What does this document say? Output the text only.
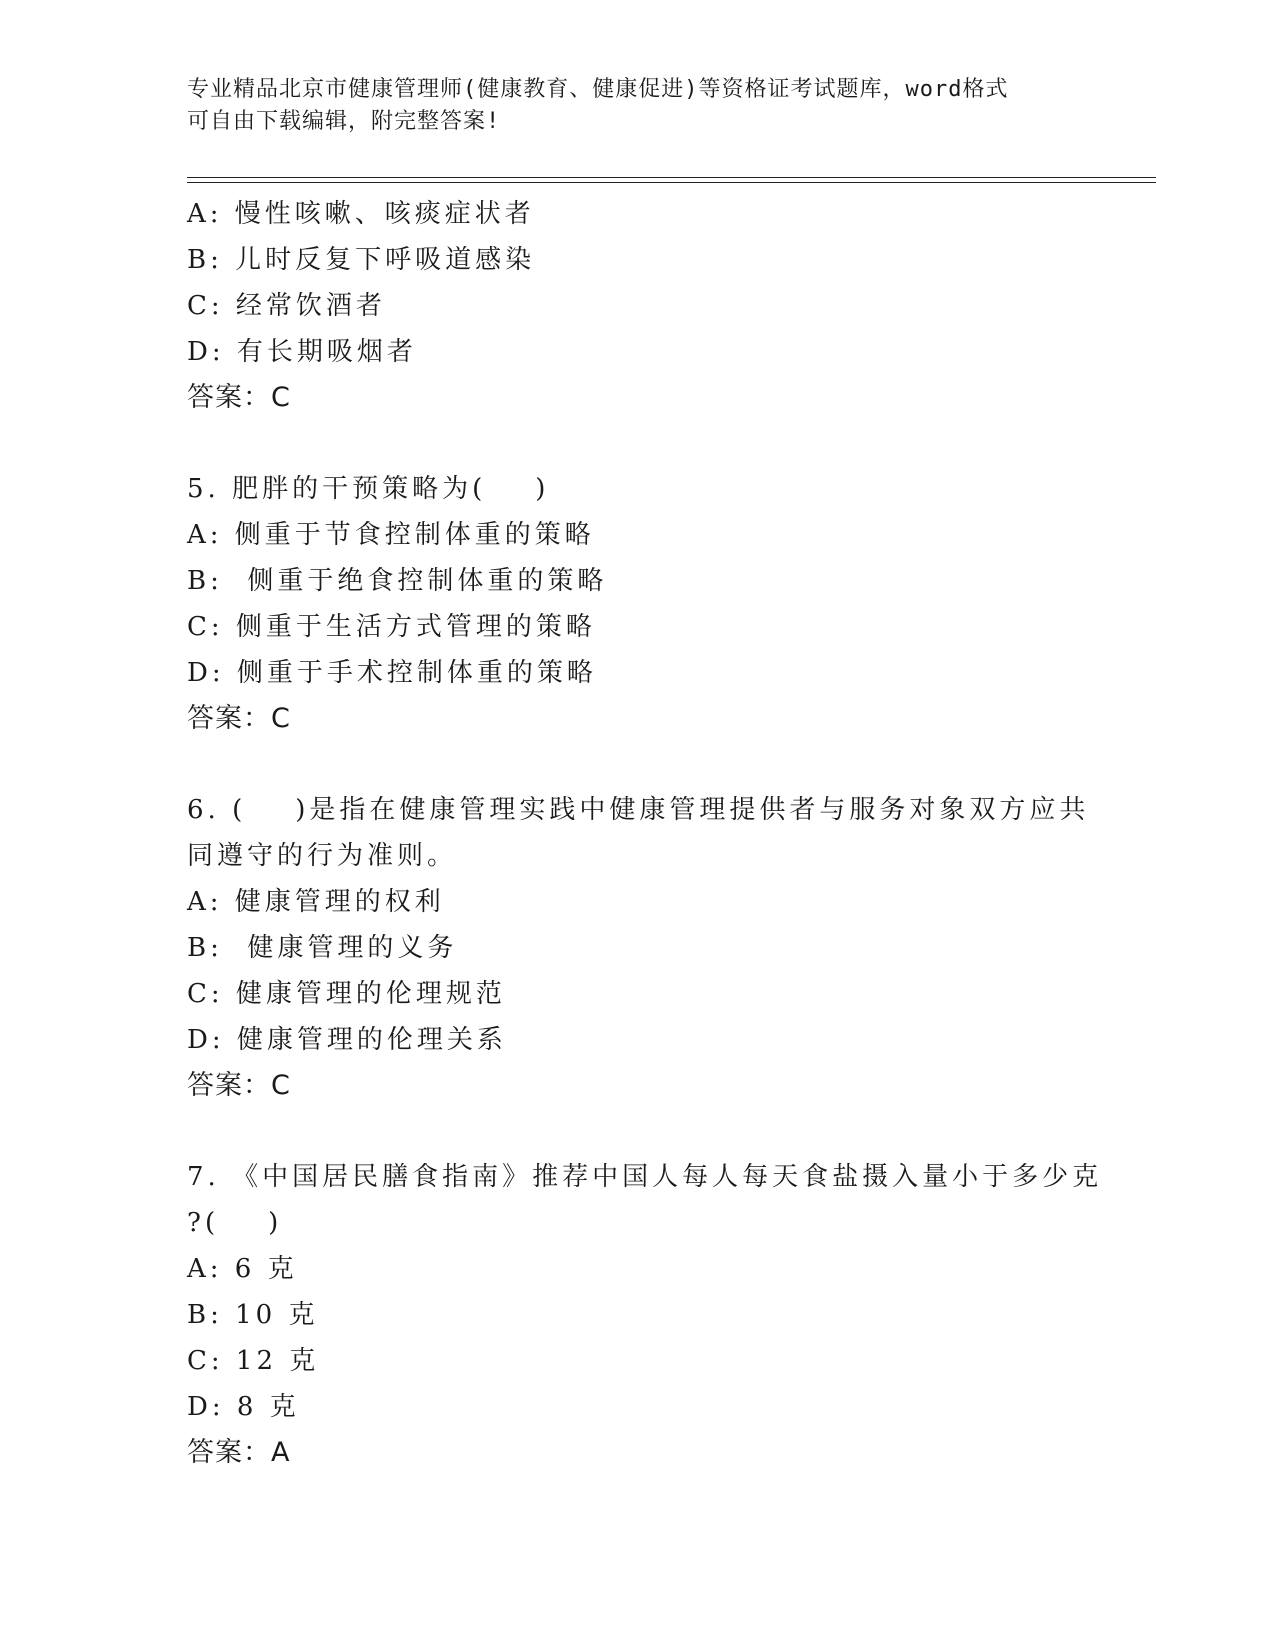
专业精品北京市健康管理师(健康教育、健康促进)等资格证考试题库，word格式
可自由下载编辑，附完整答案!
A: 慢性咳嗽、咳痰症状者
B: 儿时反复下呼吸道感染
C: 经常饮酒者
D: 有长期吸烟者
答案：C
5. 肥胖的干预策略为(    )
A: 侧重于节食控制体重的策略
B:  侧重于绝食控制体重的策略
C: 侧重于生活方式管理的策略
D: 侧重于手术控制体重的策略
答案：C
6. (    )是指在健康管理实践中健康管理提供者与服务对象双方应共
同遵守的行为准则。
A: 健康管理的权利
B:  健康管理的义务
C: 健康管理的伦理规范
D: 健康管理的伦理关系
答案：C
7. 《中国居民膳食指南》推荐中国人每人每天食盐摄入量小于多少克
?(    )
A: 6 克
B: 10 克
C: 12 克
D: 8 克
答案：A
